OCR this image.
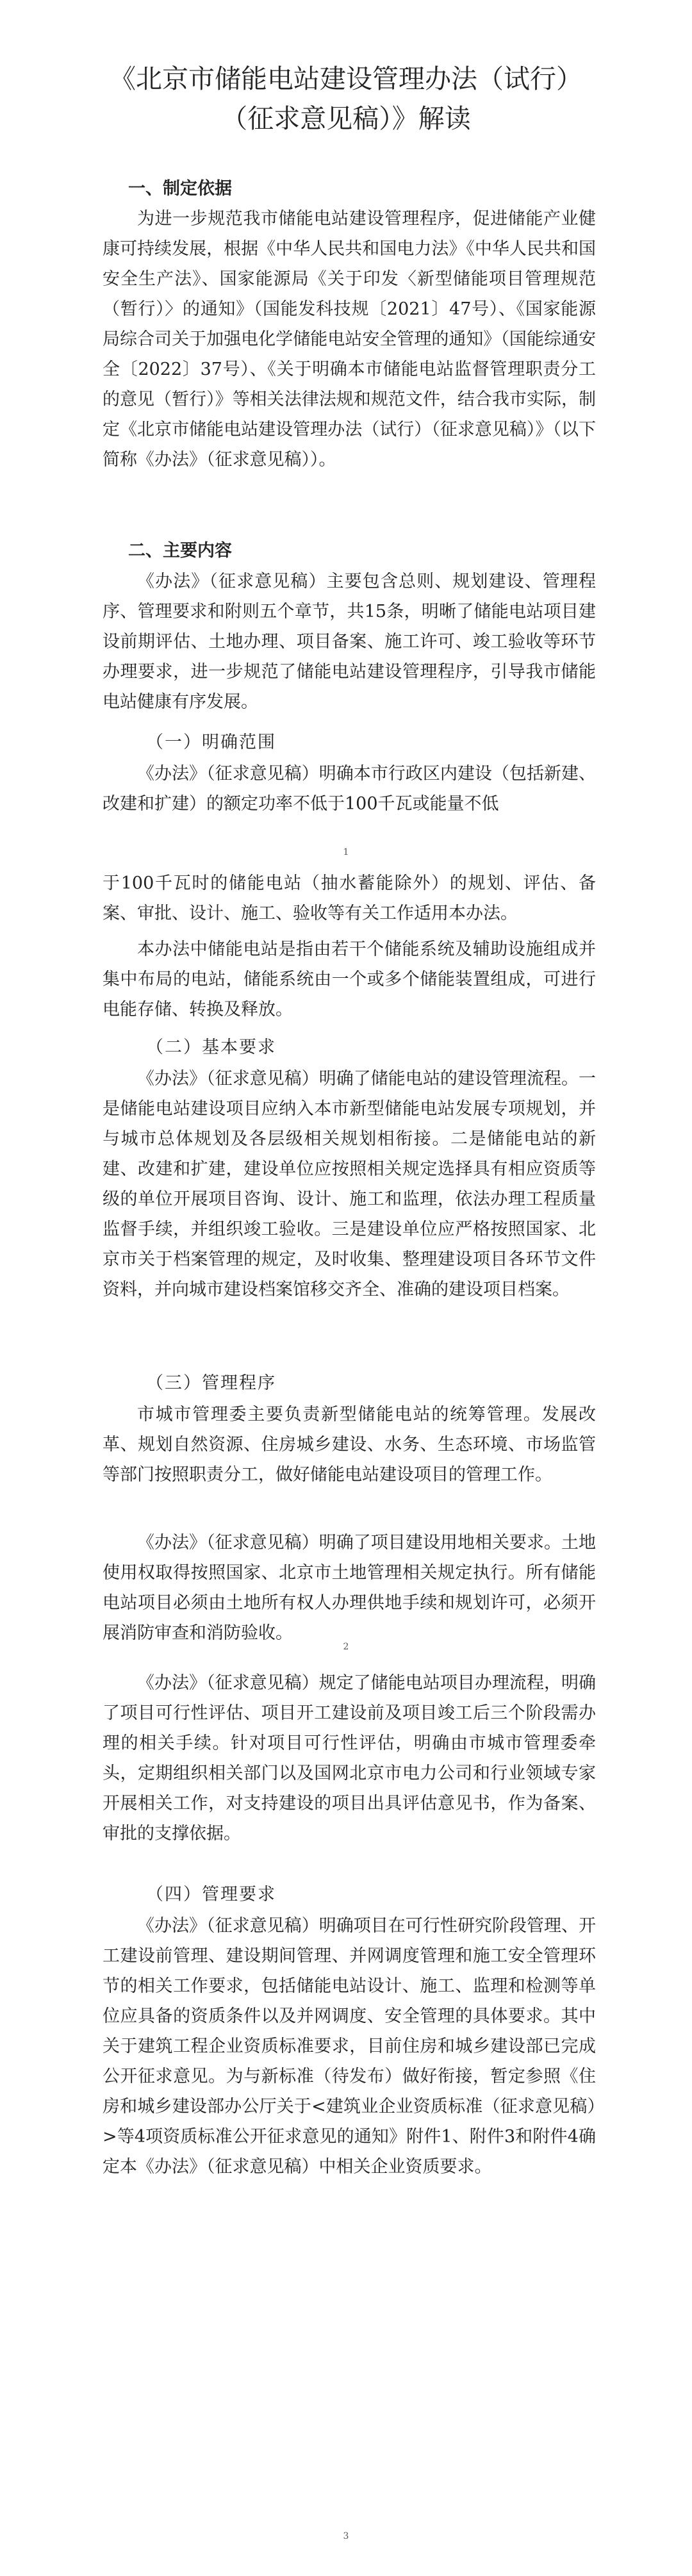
《北京市储能电站建设管理办法（试行）（征求意见稿）》解读
一、制定依据
为进一步规范我市储能电站建设管理程序，促进储能产业健康可持续发展，根据《中华人民共和国电力法》《中华人民共和国安全生产法》、国家能源局《关于印发〈新型储能项目管理规范（暂行）〉的通知》（国能发科技规〔2021〕47号）、《国家能源局综合司关于加强电化学储能电站安全管理的通知》（国能综通安全〔2022〕37号）、《关于明确本市储能电站监督管理职责分工的意见（暂行）》等相关法律法规和规范文件，结合我市实际，制定《北京市储能电站建设管理办法（试行）（征求意见稿）》（以下简称《办法》（征求意见稿））。
二、主要内容
《办法》（征求意见稿）主要包含总则、规划建设、管理程序、管理要求和附则五个章节，共15条，明晰了储能电站项目建设前期评估、土地办理、项目备案、施工许可、竣工验收等环节办理要求，进一步规范了储能电站建设管理程序，引导我市储能电站健康有序发展。
（一）明确范围
《办法》（征求意见稿）明确本市行政区内建设（包括新建、改建和扩建）的额定功率不低于100千瓦或能量不低
1
于100千瓦时的储能电站（抽水蓄能除外）的规划、评估、备案、审批、设计、施工、验收等有关工作适用本办法。
本办法中储能电站是指由若干个储能系统及辅助设施组成并集中布局的电站，储能系统由一个或多个储能装置组成，可进行电能存储、转换及释放。
（二）基本要求
《办法》（征求意见稿）明确了储能电站的建设管理流程。一是储能电站建设项目应纳入本市新型储能电站发展专项规划，并与城市总体规划及各层级相关规划相衔接。二是储能电站的新建、改建和扩建，建设单位应按照相关规定选择具有相应资质等级的单位开展项目咨询、设计、施工和监理，依法办理工程质量监督手续，并组织竣工验收。三是建设单位应严格按照国家、北京市关于档案管理的规定，及时收集、整理建设项目各环节文件资料，并向城市建设档案馆移交齐全、准确的建设项目档案。
（三）管理程序
市城市管理委主要负责新型储能电站的统筹管理。发展改革、规划自然资源、住房城乡建设、水务、生态环境、市场监管等部门按照职责分工，做好储能电站建设项目的管理工作。
《办法》（征求意见稿）明确了项目建设用地相关要求。土地使用权取得按照国家、北京市土地管理相关规定执行。所有储能电站项目必须由土地所有权人办理供地手续和规划许可，必须开展消防审查和消防验收。
2
《办法》（征求意见稿）规定了储能电站项目办理流程，明确了项目可行性评估、项目开工建设前及项目竣工后三个阶段需办理的相关手续。针对项目可行性评估，明确由市城市管理委牵头，定期组织相关部门以及国网北京市电力公司和行业领域专家开展相关工作，对支持建设的项目出具评估意见书，作为备案、审批的支撑依据。
（四）管理要求
《办法》（征求意见稿）明确项目在可行性研究阶段管理、开工建设前管理、建设期间管理、并网调度管理和施工安全管理环节的相关工作要求，包括储能电站设计、施工、监理和检测等单位应具备的资质条件以及并网调度、安全管理的具体要求。其中关于建筑工程企业资质标准要求，目前住房和城乡建设部已完成公开征求意见。为与新标准（待发布）做好衔接，暂定参照《住房和城乡建设部办公厅关于<建筑业企业资质标准（征求意见稿）>等4项资质标准公开征求意见的通知》附件1、附件3和附件4确定本《办法》（征求意见稿）中相关企业资质要求。
3
